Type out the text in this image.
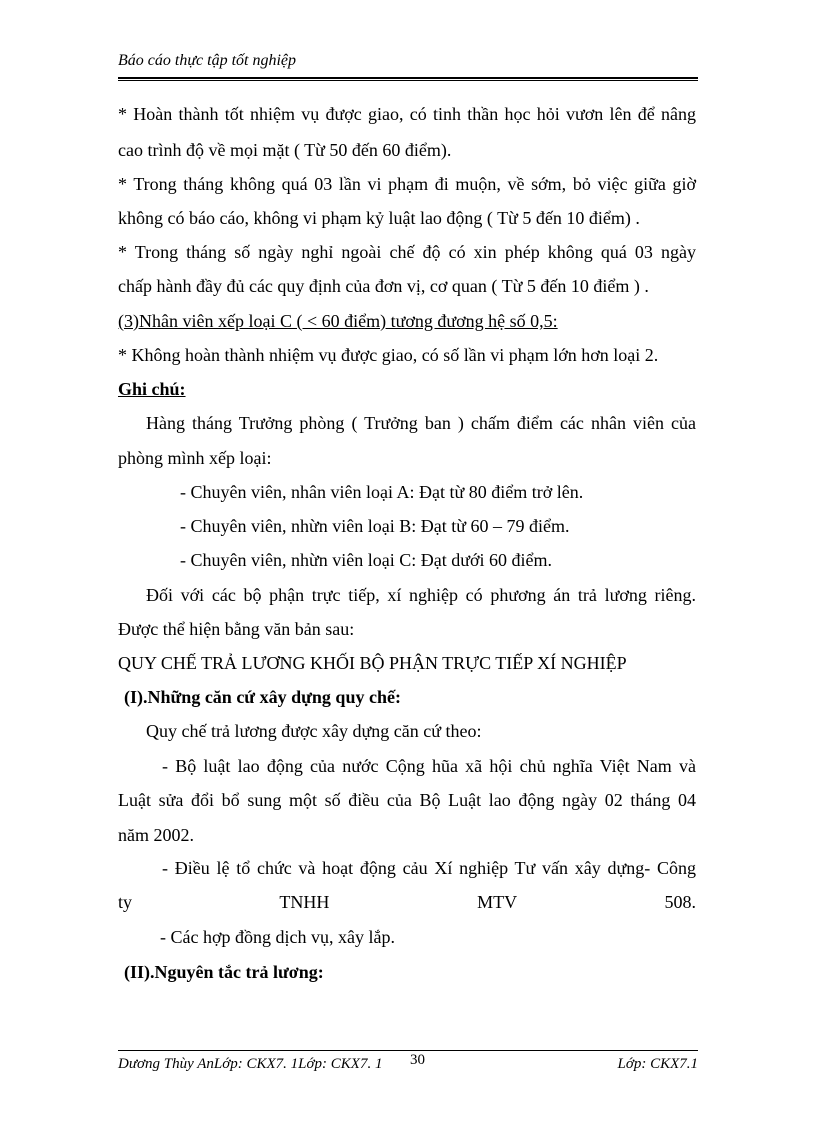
Báo cáo thực tập tốt nghiệp
* Hoàn thành tốt nhiệm vụ được giao, có tinh thần học hỏi vươn lên để nâng
cao trình độ về mọi mặt ( Từ 50 đến 60 điểm).
* Trong tháng không quá 03 lần vi phạm đi muộn, về sớm, bỏ việc giữa giờ
không có báo cáo, không vi phạm kỷ luật lao động ( Từ 5 đến 10 điểm) .
* Trong tháng số ngày nghỉ ngoài chế độ có xin phép không quá 03 ngày
chấp hành đầy đủ các quy định của đơn vị, cơ quan ( Từ 5 đến 10 điểm ) .
(3)Nhân viên xếp loại C ( < 60 điểm) tương đương hệ số 0,5:
* Không hoàn thành nhiệm vụ được giao, có số lần vi phạm lớn hơn loại 2.
Ghi chú:
Hàng tháng Trưởng phòng ( Trưởng ban ) chấm điểm các nhân viên của
phòng mình xếp loại:
- Chuyên viên, nhân viên loại A: Đạt từ 80 điểm trở lên.
- Chuyên viên, nhừn viên loại B: Đạt từ 60 – 79 điểm.
- Chuyên viên, nhừn viên loại C: Đạt dưới 60 điểm.
Đối với các bộ phận trực tiếp, xí nghiệp có phương án trả lương riêng.
Được thể hiện bằng văn bản sau:
QUY CHẾ TRẢ LƯƠNG KHỐI BỘ PHẬN TRỰC TIẾP XÍ NGHIỆP
(I).Những căn cứ xây dựng quy chế:
Quy chế trả lương được xây dựng căn cứ theo:
- Bộ luật lao động của nước Cộng hũa xã hội chủ nghĩa Việt Nam và
Luật sửa đổi bổ sung một số điều của Bộ Luật lao động ngày 02 tháng 04
năm 2002.
- Điều lệ tổ chức và hoạt động cảu Xí nghiệp Tư vấn xây dựng- Công
ty TNHH MTV 508.
- Các hợp đồng dịch vụ, xây lắp.
(II).Nguyên tắc trả lương:
Dương Thùy AnLớp: CKX7. 1Lớp: CKX7. 1 30	Lớp: CKX7.1
